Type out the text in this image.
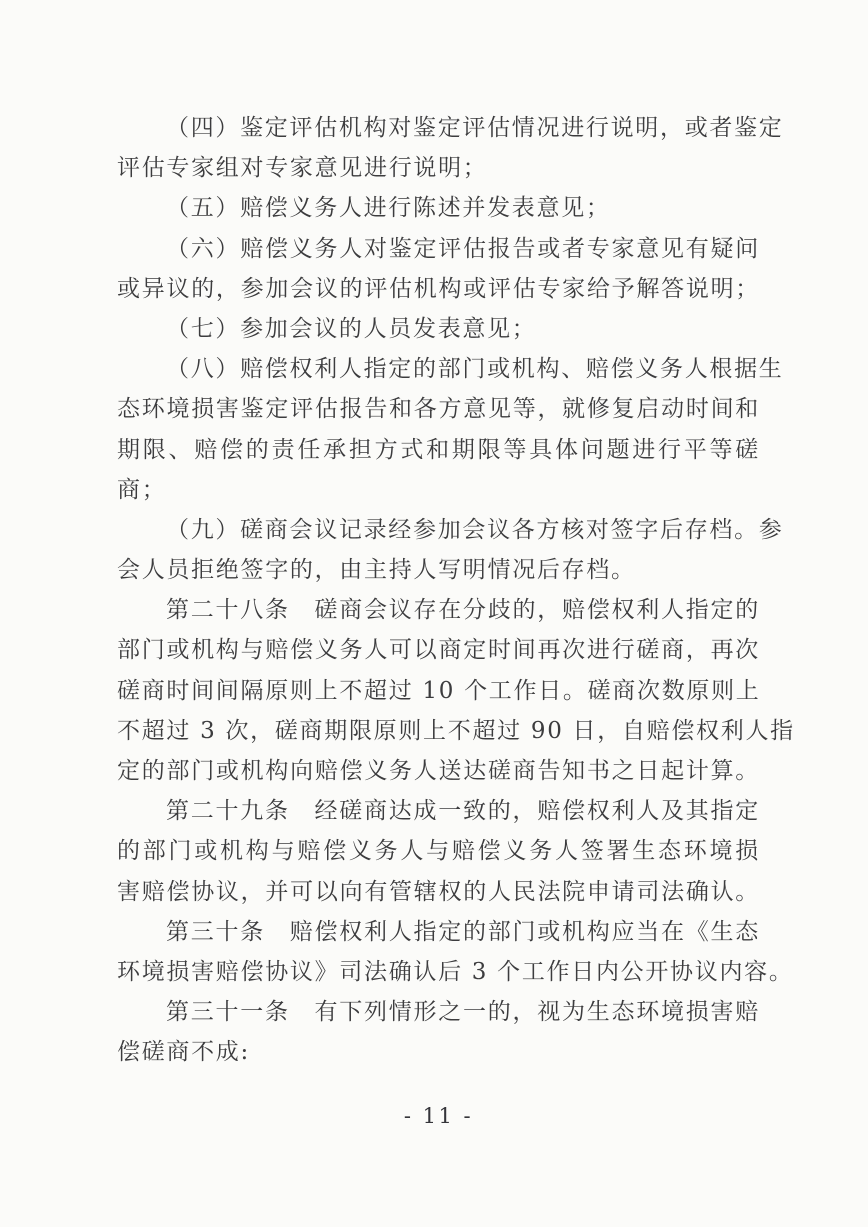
（四）鉴定评估机构对鉴定评估情况进行说明，或者鉴定
评估专家组对专家意见进行说明；
（五）赔偿义务人进行陈述并发表意见；
（六）赔偿义务人对鉴定评估报告或者专家意见有疑问
或异议的，参加会议的评估机构或评估专家给予解答说明；
（七）参加会议的人员发表意见；
（八）赔偿权利人指定的部门或机构、赔偿义务人根据生
态环境损害鉴定评估报告和各方意见等，就修复启动时间和
期限、赔偿的责任承担方式和期限等具体问题进行平等磋
商；
（九）磋商会议记录经参加会议各方核对签字后存档。参
会人员拒绝签字的，由主持人写明情况后存档。
第二十八条　磋商会议存在分歧的，赔偿权利人指定的
部门或机构与赔偿义务人可以商定时间再次进行磋商，再次
磋商时间间隔原则上不超过 10 个工作日。磋商次数原则上
不超过 3 次，磋商期限原则上不超过 90 日，自赔偿权利人指
定的部门或机构向赔偿义务人送达磋商告知书之日起计算。
第二十九条　经磋商达成一致的，赔偿权利人及其指定
的部门或机构与赔偿义务人与赔偿义务人签署生态环境损
害赔偿协议，并可以向有管辖权的人民法院申请司法确认。
第三十条　赔偿权利人指定的部门或机构应当在《生态
环境损害赔偿协议》司法确认后 3 个工作日内公开协议内容。
第三十一条　有下列情形之一的，视为生态环境损害赔
偿磋商不成:
- 11 -
